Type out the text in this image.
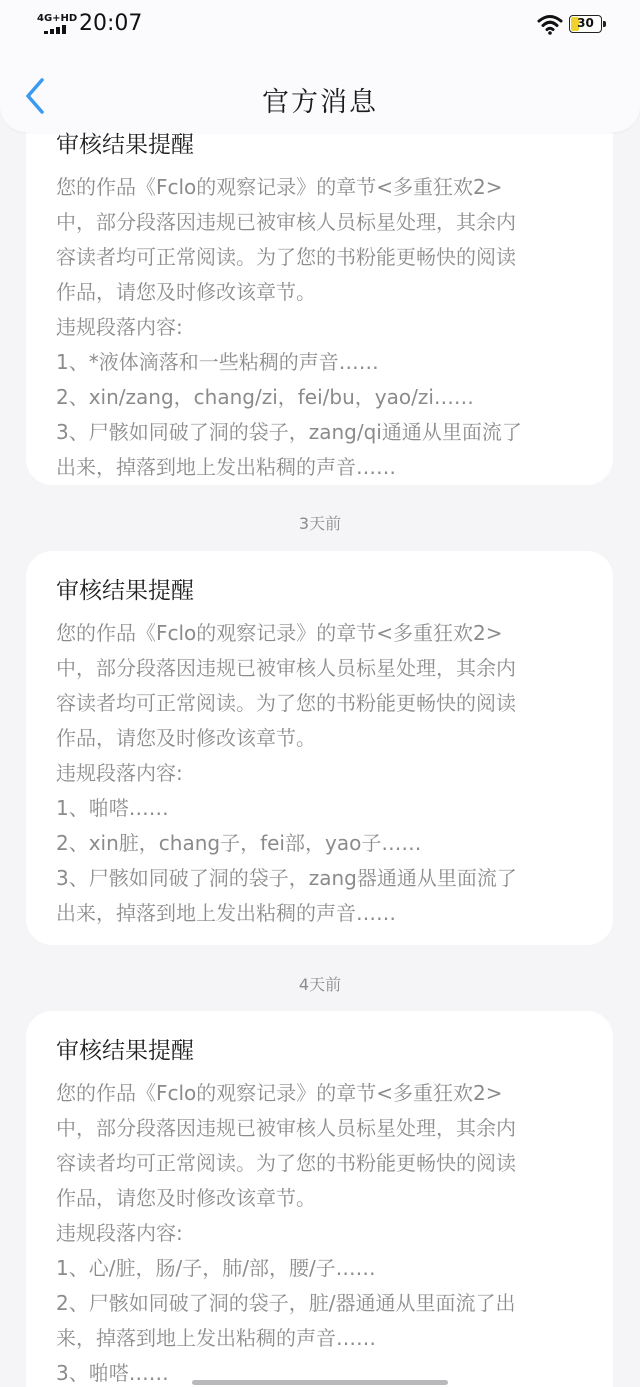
审核结果提醒
您的作品《Fclo的观察记录》的章节<多重狂欢2>
中，部分段落因违规已被审核人员标星处理，其余内
容读者均可正常阅读。为了您的书粉能更畅快的阅读
作品，请您及时修改该章节。
违规段落内容:
1、*液体滴落和一些粘稠的声音……
2、xin/zang，chang/zi，fei/bu，yao/zi……
3、尸骸如同破了洞的袋子，zang/qi通通从里面流了
出来，掉落到地上发出粘稠的声音……
3天前
审核结果提醒
您的作品《Fclo的观察记录》的章节<多重狂欢2>
中，部分段落因违规已被审核人员标星处理，其余内
容读者均可正常阅读。为了您的书粉能更畅快的阅读
作品，请您及时修改该章节。
违规段落内容:
1、啪嗒……
2、xin脏，chang子，fei部，yao子……
3、尸骸如同破了洞的袋子，zang器通通从里面流了
出来，掉落到地上发出粘稠的声音……
4天前
审核结果提醒
您的作品《Fclo的观察记录》的章节<多重狂欢2>
中，部分段落因违规已被审核人员标星处理，其余内
容读者均可正常阅读。为了您的书粉能更畅快的阅读
作品，请您及时修改该章节。
违规段落内容:
1、心/脏，肠/子，肺/部，腰/子……
2、尸骸如同破了洞的袋子，脏/器通通从里面流了出
来，掉落到地上发出粘稠的声音……
3、啪嗒……
4G+HD 20:07	30
官方消息
